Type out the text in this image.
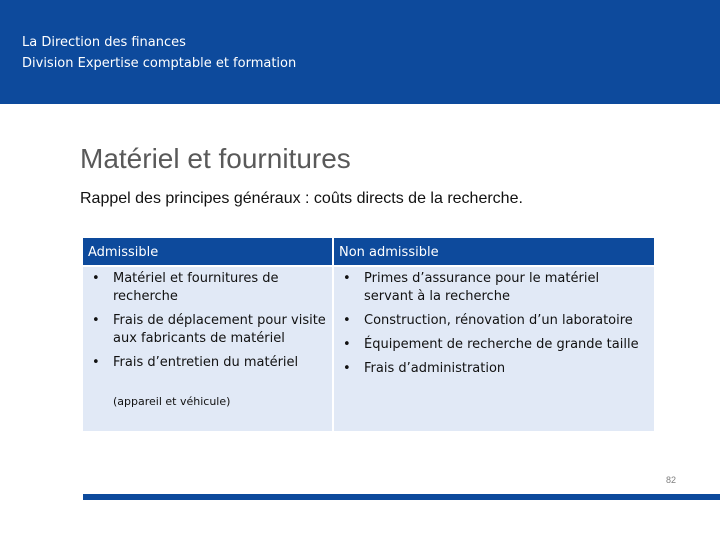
La Direction des finances
Division Expertise comptable et formation
Matériel et fournitures
Rappel des principes généraux : coûts directs de la recherche.
Admissible
• Matériel et fournitures de recherche
• Frais de déplacement pour visite aux fabricants de matériel
• Frais d’entretien du matériel
(appareil et véhicule)
Non admissible
• Primes d’assurance pour le matériel servant à la recherche
• Construction, rénovation d’un laboratoire
• Équipement de recherche de grande taille
• Frais d’administration
82
